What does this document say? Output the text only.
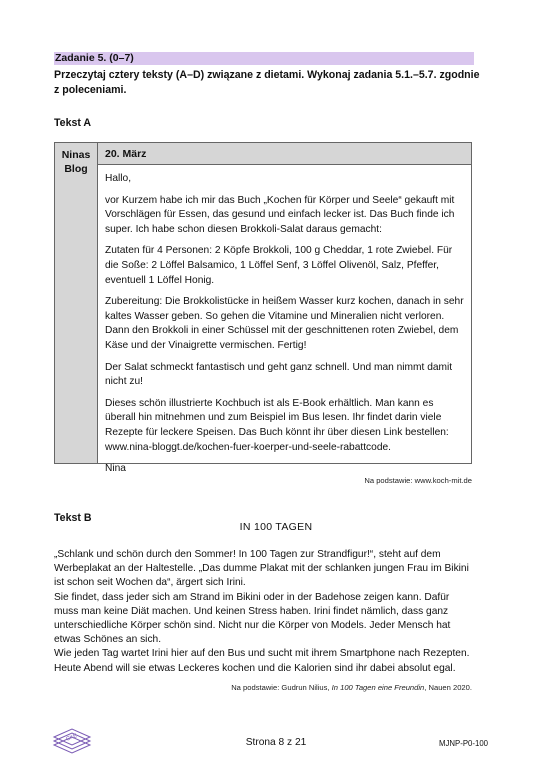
Zadanie 5. (0–7)
Przeczytaj cztery teksty (A–D) związane z dietami. Wykonaj zadania 5.1.–5.7. zgodnie z poleceniami.
Tekst A
Ninas Blog
20. März

Hallo,

vor Kurzem habe ich mir das Buch „Kochen für Körper und Seele“ gekauft mit Vorschlägen für Essen, das gesund und einfach lecker ist. Das Buch finde ich super. Ich habe schon diesen Brokkoli-Salat daraus gemacht:

Zutaten für 4 Personen: 2 Köpfe Brokkoli, 100 g Cheddar, 1 rote Zwiebel. Für die Soße: 2 Löffel Balsamico, 1 Löffel Senf, 3 Löffel Olivenöl, Salz, Pfeffer, eventuell 1 Löffel Honig.

Zubereitung: Die Brokkolistücke in heißem Wasser kurz kochen, danach in sehr kaltes Wasser geben. So gehen die Vitamine und Mineralien nicht verloren. Dann den Brokkoli in einer Schüssel mit der geschnittenen roten Zwiebel, dem Käse und der Vinaigrette vermischen. Fertig!

Der Salat schmeckt fantastisch und geht ganz schnell. Und man nimmt damit nicht zu!

Dieses schön illustrierte Kochbuch ist als E-Book erhältlich. Man kann es überall hin mitnehmen und zum Beispiel im Bus lesen. Ihr findet darin viele Rezepte für leckere Speisen. Das Buch könnt ihr über diesen Link bestellen: www.nina-bloggt.de/kochen-fuer-koerper-und-seele-rabattcode.

Nina

Na podstawie: www.koch-mit.de
Tekst B
IN 100 TAGEN

„Schlank und schön durch den Sommer! In 100 Tagen zur Strandfigur!“, steht auf dem

Werbeplakat an der Haltestelle. „Das dumme Plakat mit der schlanken jungen Frau im Bikini

ist schon seit Wochen da“, ärgert sich Irini.

Sie findet, dass jeder sich am Strand im Bikini oder in der Badehose zeigen kann. Dafür

muss man keine Diät machen. Und keinen Stress haben. Irini findet nämlich, dass ganz

unterschiedliche Körper schön sind. Nicht nur die Körper von Models. Jeder Mensch hat

etwas Schönes an sich.

Wie jeden Tag wartet Irini hier auf den Bus und sucht mit ihrem Smartphone nach Rezepten.

Heute Abend will sie etwas Leckeres kochen und die Kalorien sind ihr dabei absolut egal.

Na podstawie: Gudrun Nilius, In 100 Tagen eine Freundin, Nauen 2020.
CKE	Strona 8 z 21	MJNP-P0-100
